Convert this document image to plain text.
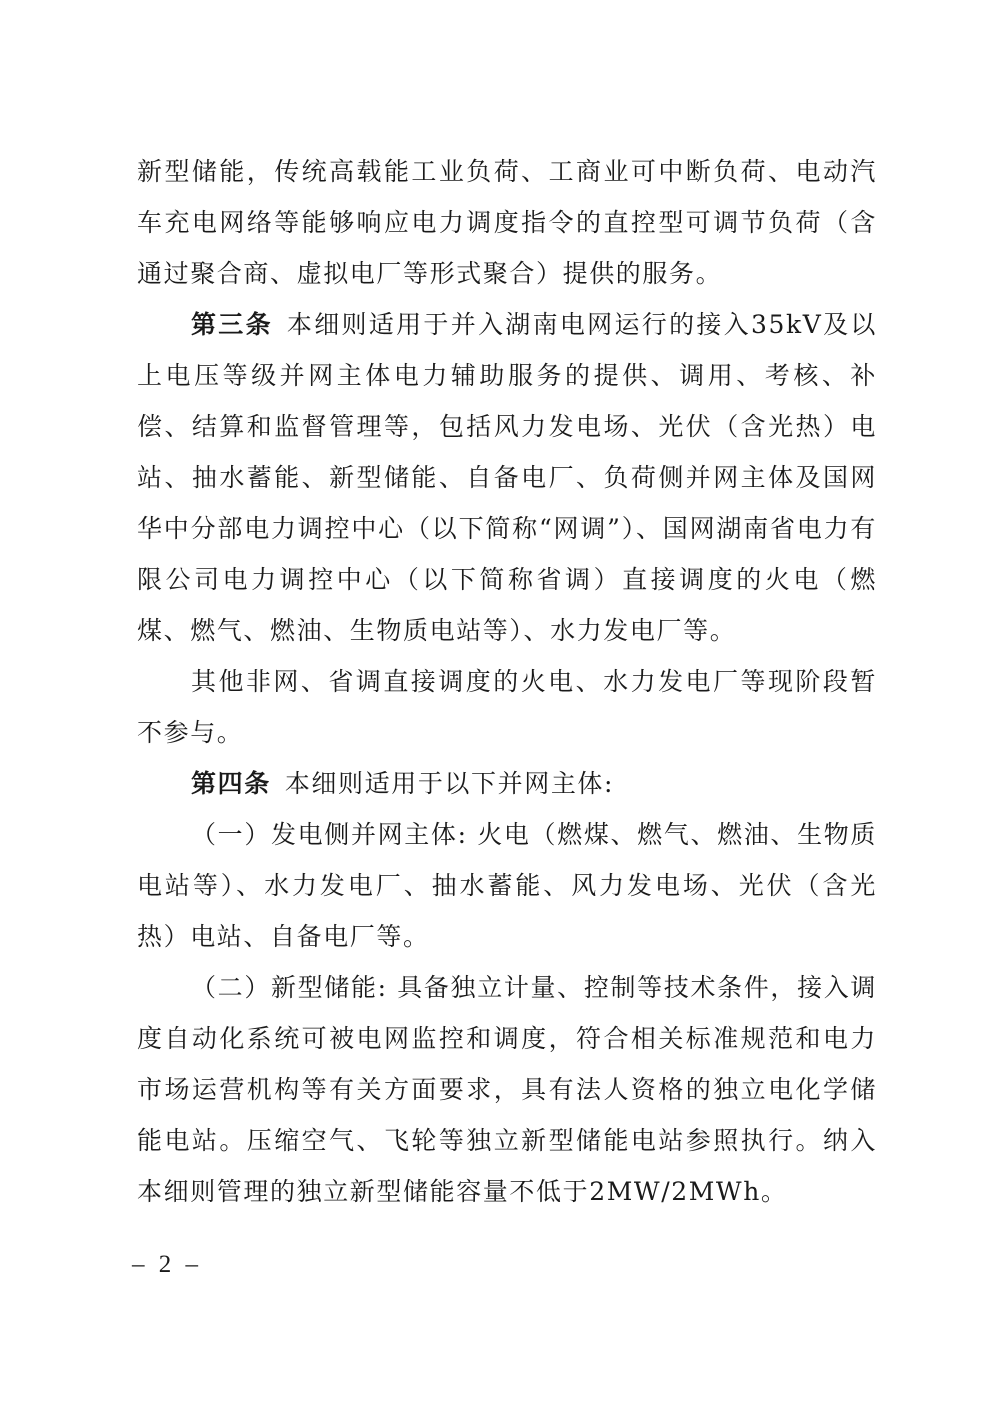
新型储能，传统高载能工业负荷、工商业可中断负荷、电动汽车充电网络等能够响应电力调度指令的直控型可调节负荷（含通过聚合商、虚拟电厂等形式聚合）提供的服务。

第三条 本细则适用于并入湖南电网运行的接入35kV及以上电压等级并网主体电力辅助服务的提供、调用、考核、补偿、结算和监督管理等，包括风力发电场、光伏（含光热）电站、抽水蓄能、新型储能、自备电厂、负荷侧并网主体及国网华中分部电力调控中心（以下简称“网调”）、国网湖南省电力有限公司电力调控中心（以下简称省调）直接调度的火电（燃煤、燃气、燃油、生物质电站等）、水力发电厂等。

其他非网、省调直接调度的火电、水力发电厂等现阶段暂不参与。

第四条 本细则适用于以下并网主体:

（一）发电侧并网主体: 火电（燃煤、燃气、燃油、生物质电站等）、水力发电厂、抽水蓄能、风力发电场、光伏（含光热）电站、自备电厂等。

（二）新型储能: 具备独立计量、控制等技术条件，接入调度自动化系统可被电网监控和调度，符合相关标准规范和电力市场运营机构等有关方面要求，具有法人资格的独立电化学储能电站。压缩空气、飞轮等独立新型储能电站参照执行。纳入本细则管理的独立新型储能容量不低于2MW/2MWh。

– 2 –
